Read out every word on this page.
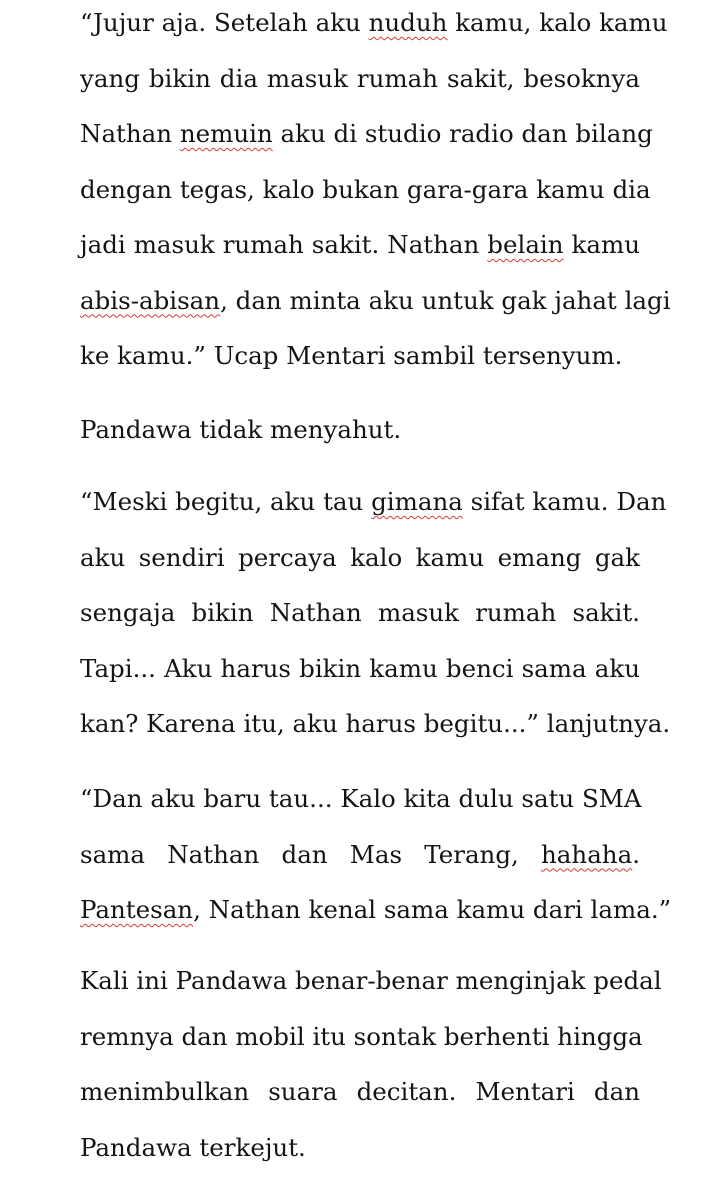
“Jujur aja. Setelah aku nuduh kamu, kalo kamu
yang bikin dia masuk rumah sakit, besoknya
Nathan nemuin aku di studio radio dan bilang
dengan tegas, kalo bukan gara-gara kamu dia
jadi masuk rumah sakit. Nathan belain kamu
abis-abisan, dan minta aku untuk gak jahat lagi
ke kamu.” Ucap Mentari sambil tersenyum.
Pandawa tidak menyahut.
“Meski begitu, aku tau gimana sifat kamu. Dan
aku sendiri percaya kalo kamu emang gak
sengaja bikin Nathan masuk rumah sakit.
Tapi... Aku harus bikin kamu benci sama aku
kan? Karena itu, aku harus begitu...” lanjutnya.
“Dan aku baru tau... Kalo kita dulu satu SMA
sama Nathan dan Mas Terang, hahaha.
Pantesan, Nathan kenal sama kamu dari lama.”
Kali ini Pandawa benar-benar menginjak pedal
remnya dan mobil itu sontak berhenti hingga
menimbulkan suara decitan. Mentari dan
Pandawa terkejut.
